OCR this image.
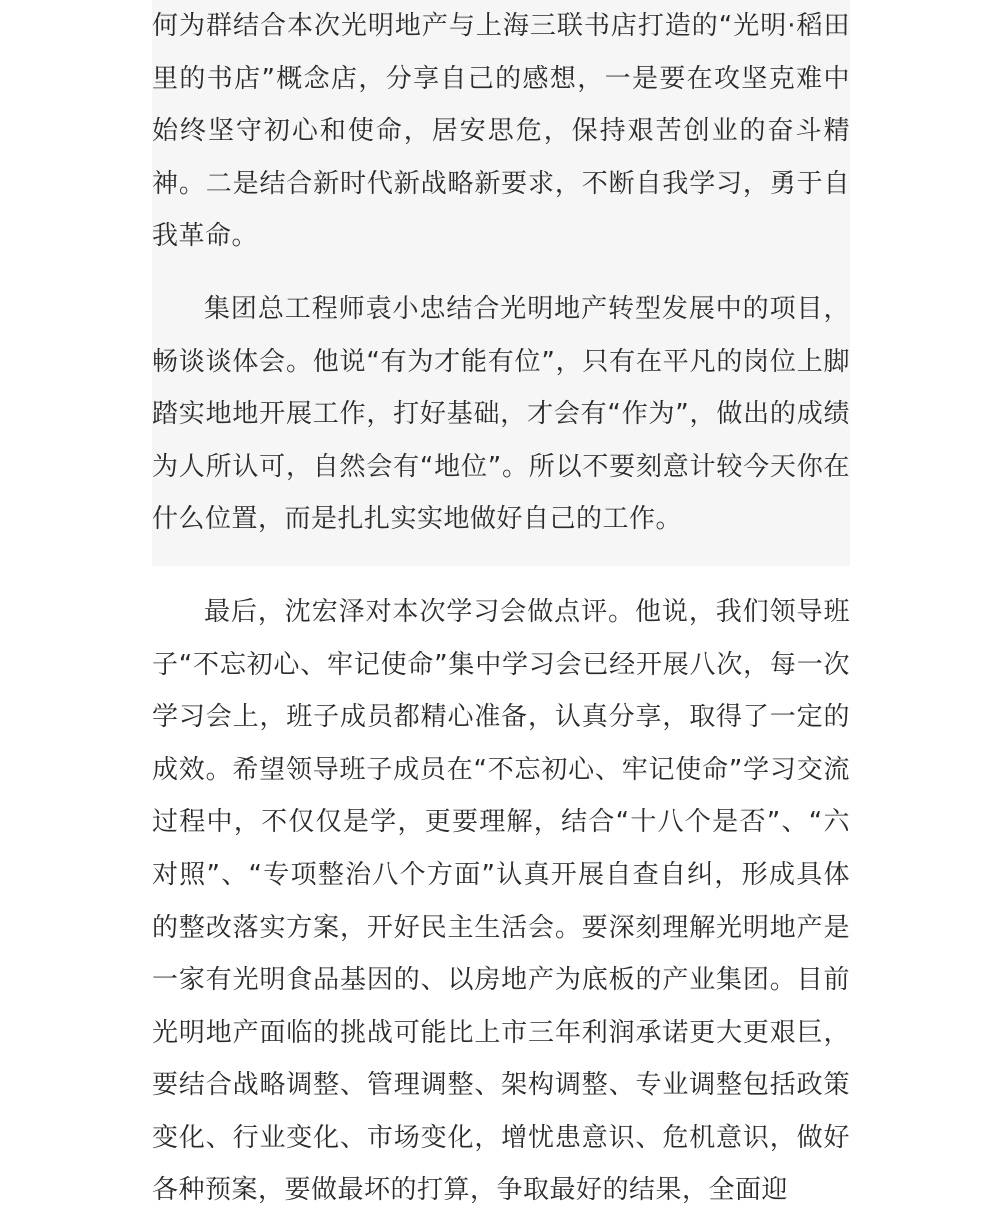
何为群结合本次光明地产与上海三联书店打造的“光明·稻田里的书店”概念店，分享自己的感想，一是要在攻坚克难中始终坚守初心和使命，居安思危，保持艰苦创业的奋斗精神。二是结合新时代新战略新要求，不断自我学习，勇于自我革命。

集团总工程师袁小忠结合光明地产转型发展中的项目，畅谈谈体会。他说“有为才能有位”，只有在平凡的岗位上脚踏实地地开展工作，打好基础，才会有“作为”，做出的成绩为人所认可，自然会有“地位”。所以不要刻意计较今天你在什么位置，而是扎扎实实地做好自己的工作。

最后，沈宏泽对本次学习会做点评。他说，我们领导班子“不忘初心、牢记使命”集中学习会已经开展八次，每一次学习会上，班子成员都精心准备，认真分享，取得了一定的成效。希望领导班子成员在“不忘初心、牢记使命”学习交流过程中，不仅仅是学，更要理解，结合“十八个是否”、“六对照”、“专项整治八个方面”认真开展自查自纠，形成具体的整改落实方案，开好民主生活会。要深刻理解光明地产是一家有光明食品基因的、以房地产为底板的产业集团。目前光明地产面临的挑战可能比上市三年利润承诺更大更艰巨，要结合战略调整、管理调整、架构调整、专业调整包括政策变化、行业变化、市场变化，增忧患意识、危机意识，做好各种预案，要做最坏的打算，争取最好的结果，全面迎
